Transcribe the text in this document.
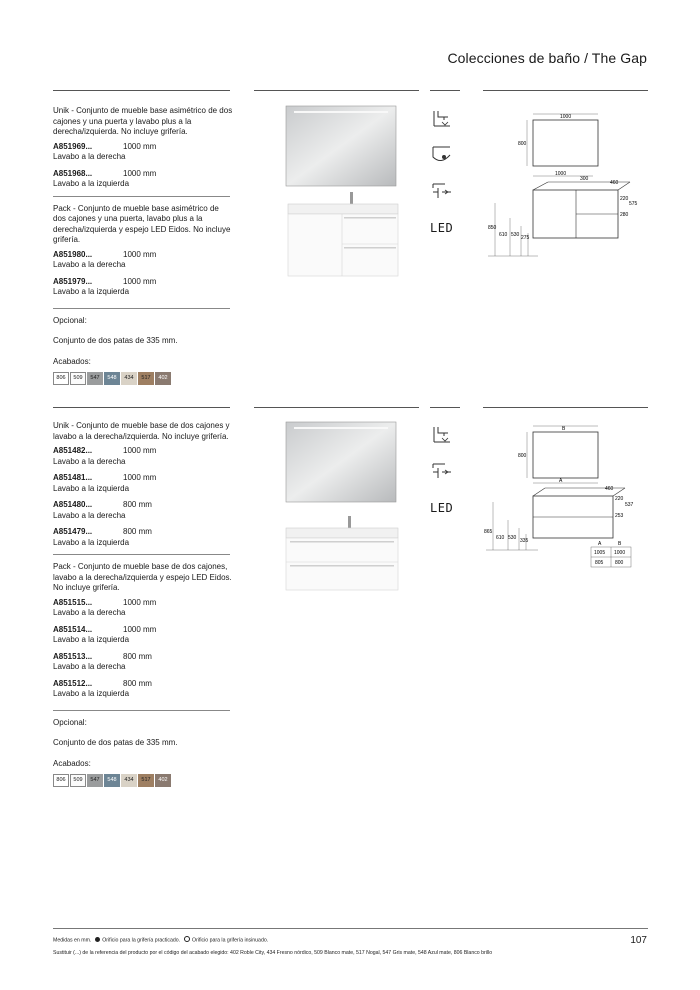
Colecciones de baño / The Gap

Unik - Conjunto de mueble base asimétrico de dos cajones y una puerta y lavabo plus a la derecha/izquierda. No incluye grifería.

A851969...	1000 mm
Lavabo a la derecha
A851968...	1000 mm
Lavabo a la izquierda

Pack - Conjunto de mueble base asimétrico de dos cajones y una puerta, lavabo plus a la derecha/izquierda y espejo LED Eidos. No incluye grifería.

A851980...	1000 mm
Lavabo a la derecha
A851979...	1000 mm
Lavabo a la izquierda

Opcional:

Conjunto de dos patas de 335 mm.

Acabados:
806	509	547	548	434	517	402

LED
1000
800
1000
300
460
220
575
280
850
610 530 275

Unik - Conjunto de mueble base de dos cajones y lavabo a la derecha/izquierda. No incluye grifería.

A851482...	1000 mm
Lavabo a la derecha
A851481...	1000 mm
Lavabo a la izquierda
A851480...	800 mm
Lavabo a la derecha
A851479...	800 mm
Lavabo a la izquierda

Pack - Conjunto de mueble base de dos cajones, lavabo a la derecha/izquierda y espejo LED Eidos. No incluye grifería.

A851515...	1000 mm
Lavabo a la derecha
A851514...	1000 mm
Lavabo a la izquierda
A851513...	800 mm
Lavabo a la derecha
A851512...	800 mm
Lavabo a la izquierda

Opcional:

Conjunto de dos patas de 335 mm.

Acabados:
806	509	547	548	434	517	402

LED
B
800
A
460
220
537
253
865
610 530 335	A	B
1005 1000
805 800
Medidas en mm. Orificio para la grifería practicado. Orificio para la grifería insinuado.
Sustituir (...) de la referencia del producto por el código del acabado elegido: 402 Roble City, 434 Fresno nórdico, 509 Blanco mate, 517 Nogal, 547 Gris mate, 548 Azul mate, 806 Blanco brillo
107
